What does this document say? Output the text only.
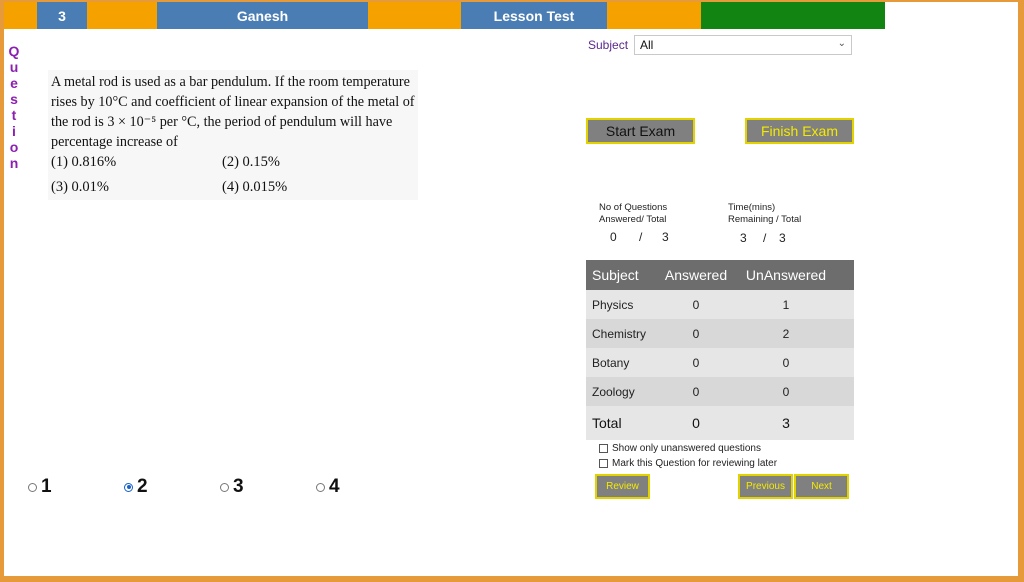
3	Ganesh	Lesson Test
Q
u
e
s
t
i
o
n
A metal rod is used as a bar pendulum. If the room temperature rises by 10°C and coefficient of linear expansion of the metal of the rod is 3 × 10⁻⁵ per °C, the period of pendulum will have percentage increase of
(1) 0.816%	(2) 0.15%
(3) 0.01%	(4) 0.015%
1	2	3	4
Subject All	⌄
Start Exam	Finish Exam
No of Questions
Answered/ Total
0 / 3
Time(mins)
Remaining / Total
3 / 3
Subject Answered UnAnswered
Physics	0	1
Chemistry	0	2
Botany	0	0
Zoology	0	0
Total	0	3
Show only unanswered questions
Mark this Question for reviewing later
Review	Previous	Next
